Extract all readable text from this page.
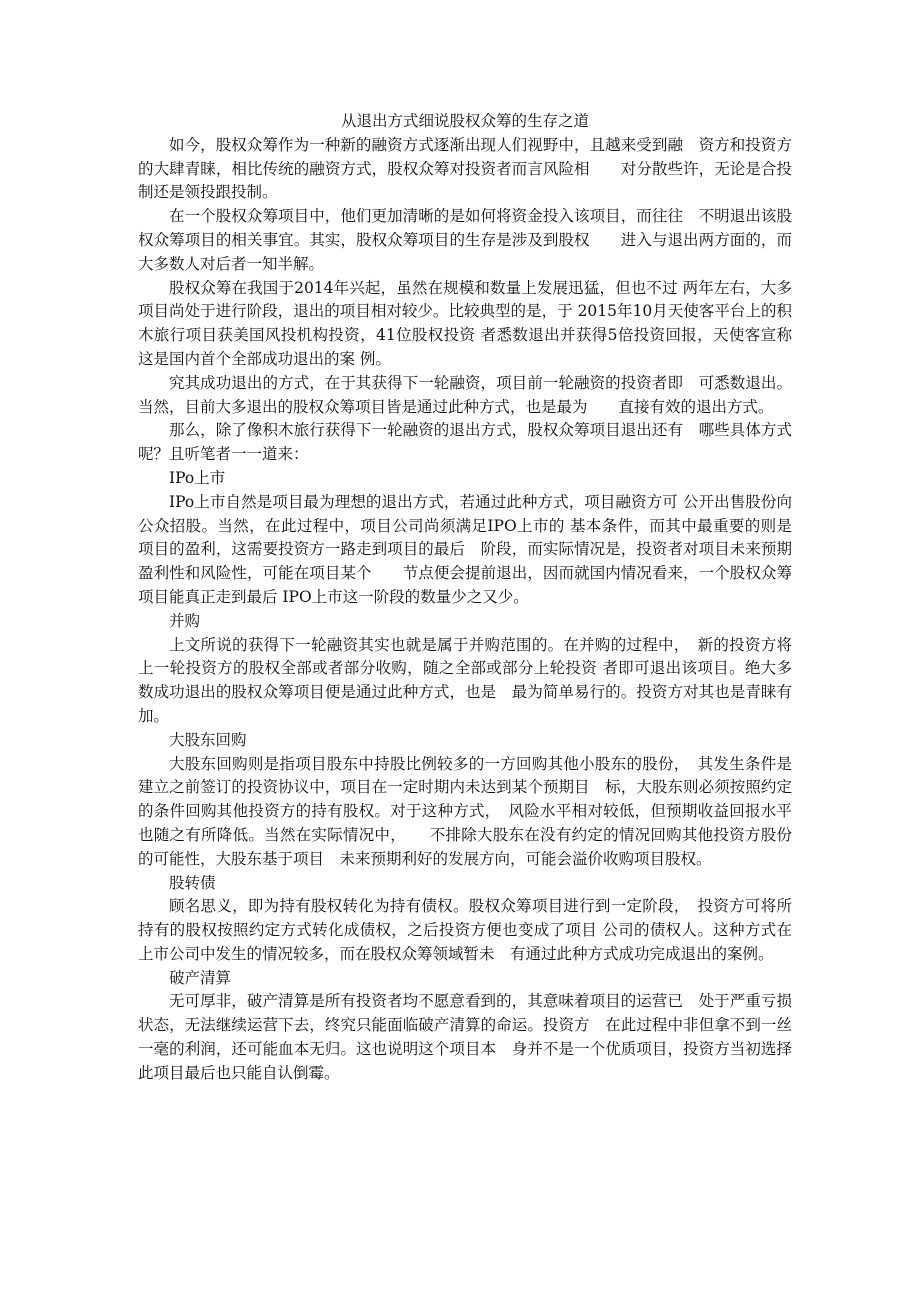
从退出方式细说股权众筹的生存之道

如今，股权众筹作为一种新的融资方式逐渐出现人们视野中，且越来受到融　资方和投资方的大肆青睐，相比传统的融资方式，股权众筹对投资者而言风险相　　对分散些许，无论是合投制还是领投跟投制。

在一个股权众筹项目中，他们更加清晰的是如何将资金投入该项目，而往往　不明退出该股权众筹项目的相关事宜。其实，股权众筹项目的生存是涉及到股权　　进入与退出两方面的，而大多数人对后者一知半解。

股权众筹在我国于2014年兴起，虽然在规模和数量上发展迅猛，但也不过 两年左右，大多项目尚处于进行阶段，退出的项目相对较少。比较典型的是，于 2015年10月天使客平台上的积木旅行项目获美国风投机构投资，41位股权投资 者悉数退出并获得5倍投资回报，天使客宣称这是国内首个全部成功退出的案 例。

究其成功退出的方式，在于其获得下一轮融资，项目前一轮融资的投资者即　可悉数退出。当然，目前大多退出的股权众筹项目皆是通过此种方式，也是最为　　直接有效的退出方式。

那么，除了像积木旅行获得下一轮融资的退出方式，股权众筹项目退出还有　哪些具体方式呢？且听笔者一一道来：

IPo上市

IPo上市自然是项目最为理想的退出方式，若通过此种方式，项目融资方可 公开出售股份向公众招股。当然，在此过程中，项目公司尚须满足IPO上市的 基本条件，而其中最重要的则是项目的盈利，这需要投资方一路走到项目的最后　阶段，而实际情况是，投资者对项目未来预期盈利性和风险性，可能在项目某个　　节点便会提前退出，因而就国内情况看来，一个股权众筹项目能真正走到最后 IPO上市这一阶段的数量少之又少。

并购

上文所说的获得下一轮融资其实也就是属于并购范围的。在并购的过程中，　新的投资方将上一轮投资方的股权全部或者部分收购，随之全部或部分上轮投资 者即可退出该项目。绝大多数成功退出的股权众筹项目便是通过此种方式，也是　最为简单易行的。投资方对其也是青睐有加。

大股东回购

大股东回购则是指项目股东中持股比例较多的一方回购其他小股东的股份，　其发生条件是建立之前签订的投资协议中，项目在一定时期内未达到某个预期目　标，大股东则必须按照约定的条件回购其他投资方的持有股权。对于这种方式，　风险水平相对较低，但预期收益回报水平也随之有所降低。当然在实际情况中，　　不排除大股东在没有约定的情况回购其他投资方股份的可能性，大股东基于项目　未来预期利好的发展方向，可能会溢价收购项目股权。

股转债

顾名思义，即为持有股权转化为持有债权。股权众筹项目进行到一定阶段，　投资方可将所持有的股权按照约定方式转化成债权，之后投资方便也变成了项目 公司的债权人。这种方式在上市公司中发生的情况较多，而在股权众筹领域暂未　有通过此种方式成功完成退出的案例。

破产清算

无可厚非，破产清算是所有投资者均不愿意看到的，其意味着项目的运营已　处于严重亏损状态，无法继续运营下去，终究只能面临破产清算的命运。投资方　在此过程中非但拿不到一丝一毫的利润，还可能血本无归。这也说明这个项目本　身并不是一个优质项目，投资方当初选择此项目最后也只能自认倒霉。
